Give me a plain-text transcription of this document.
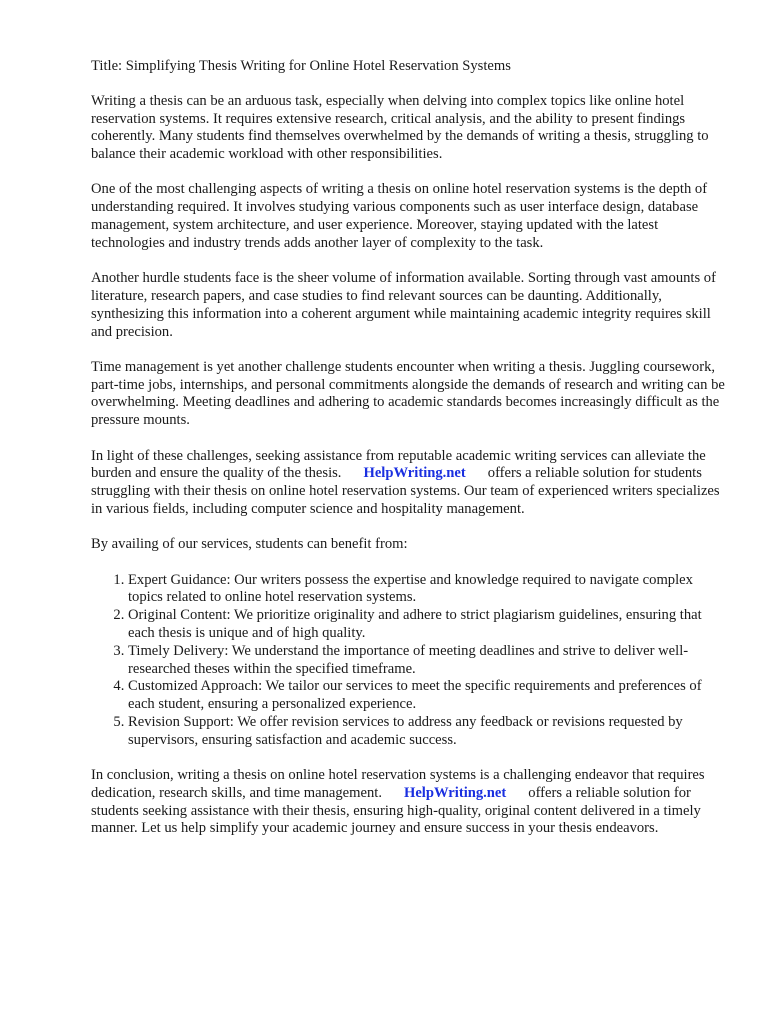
Title: Simplifying Thesis Writing for Online Hotel Reservation Systems

Writing a thesis can be an arduous task, especially when delving into complex topics like online hotel reservation systems. It requires extensive research, critical analysis, and the ability to present findings coherently. Many students find themselves overwhelmed by the demands of writing a thesis, struggling to balance their academic workload with other responsibilities.

One of the most challenging aspects of writing a thesis on online hotel reservation systems is the depth of understanding required. It involves studying various components such as user interface design, database management, system architecture, and user experience. Moreover, staying updated with the latest technologies and industry trends adds another layer of complexity to the task.

Another hurdle students face is the sheer volume of information available. Sorting through vast amounts of literature, research papers, and case studies to find relevant sources can be daunting. Additionally, synthesizing this information into a coherent argument while maintaining academic integrity requires skill and precision.

Time management is yet another challenge students encounter when writing a thesis. Juggling coursework, part-time jobs, internships, and personal commitments alongside the demands of research and writing can be overwhelming. Meeting deadlines and adhering to academic standards becomes increasingly difficult as the pressure mounts.

In light of these challenges, seeking assistance from reputable academic writing services can alleviate the burden and ensure the quality of the thesis. HelpWriting.net offers a reliable solution for students struggling with their thesis on online hotel reservation systems. Our team of experienced writers specializes in various fields, including computer science and hospitality management.

By availing of our services, students can benefit from:

1. Expert Guidance: Our writers possess the expertise and knowledge required to navigate complex topics related to online hotel reservation systems.
2. Original Content: We prioritize originality and adhere to strict plagiarism guidelines, ensuring that each thesis is unique and of high quality.
3. Timely Delivery: We understand the importance of meeting deadlines and strive to deliver well-researched theses within the specified timeframe.
4. Customized Approach: We tailor our services to meet the specific requirements and preferences of each student, ensuring a personalized experience.
5. Revision Support: We offer revision services to address any feedback or revisions requested by supervisors, ensuring satisfaction and academic success.

In conclusion, writing a thesis on online hotel reservation systems is a challenging endeavor that requires dedication, research skills, and time management. HelpWriting.net offers a reliable solution for students seeking assistance with their thesis, ensuring high-quality, original content delivered in a timely manner. Let us help simplify your academic journey and ensure success in your thesis endeavors.
